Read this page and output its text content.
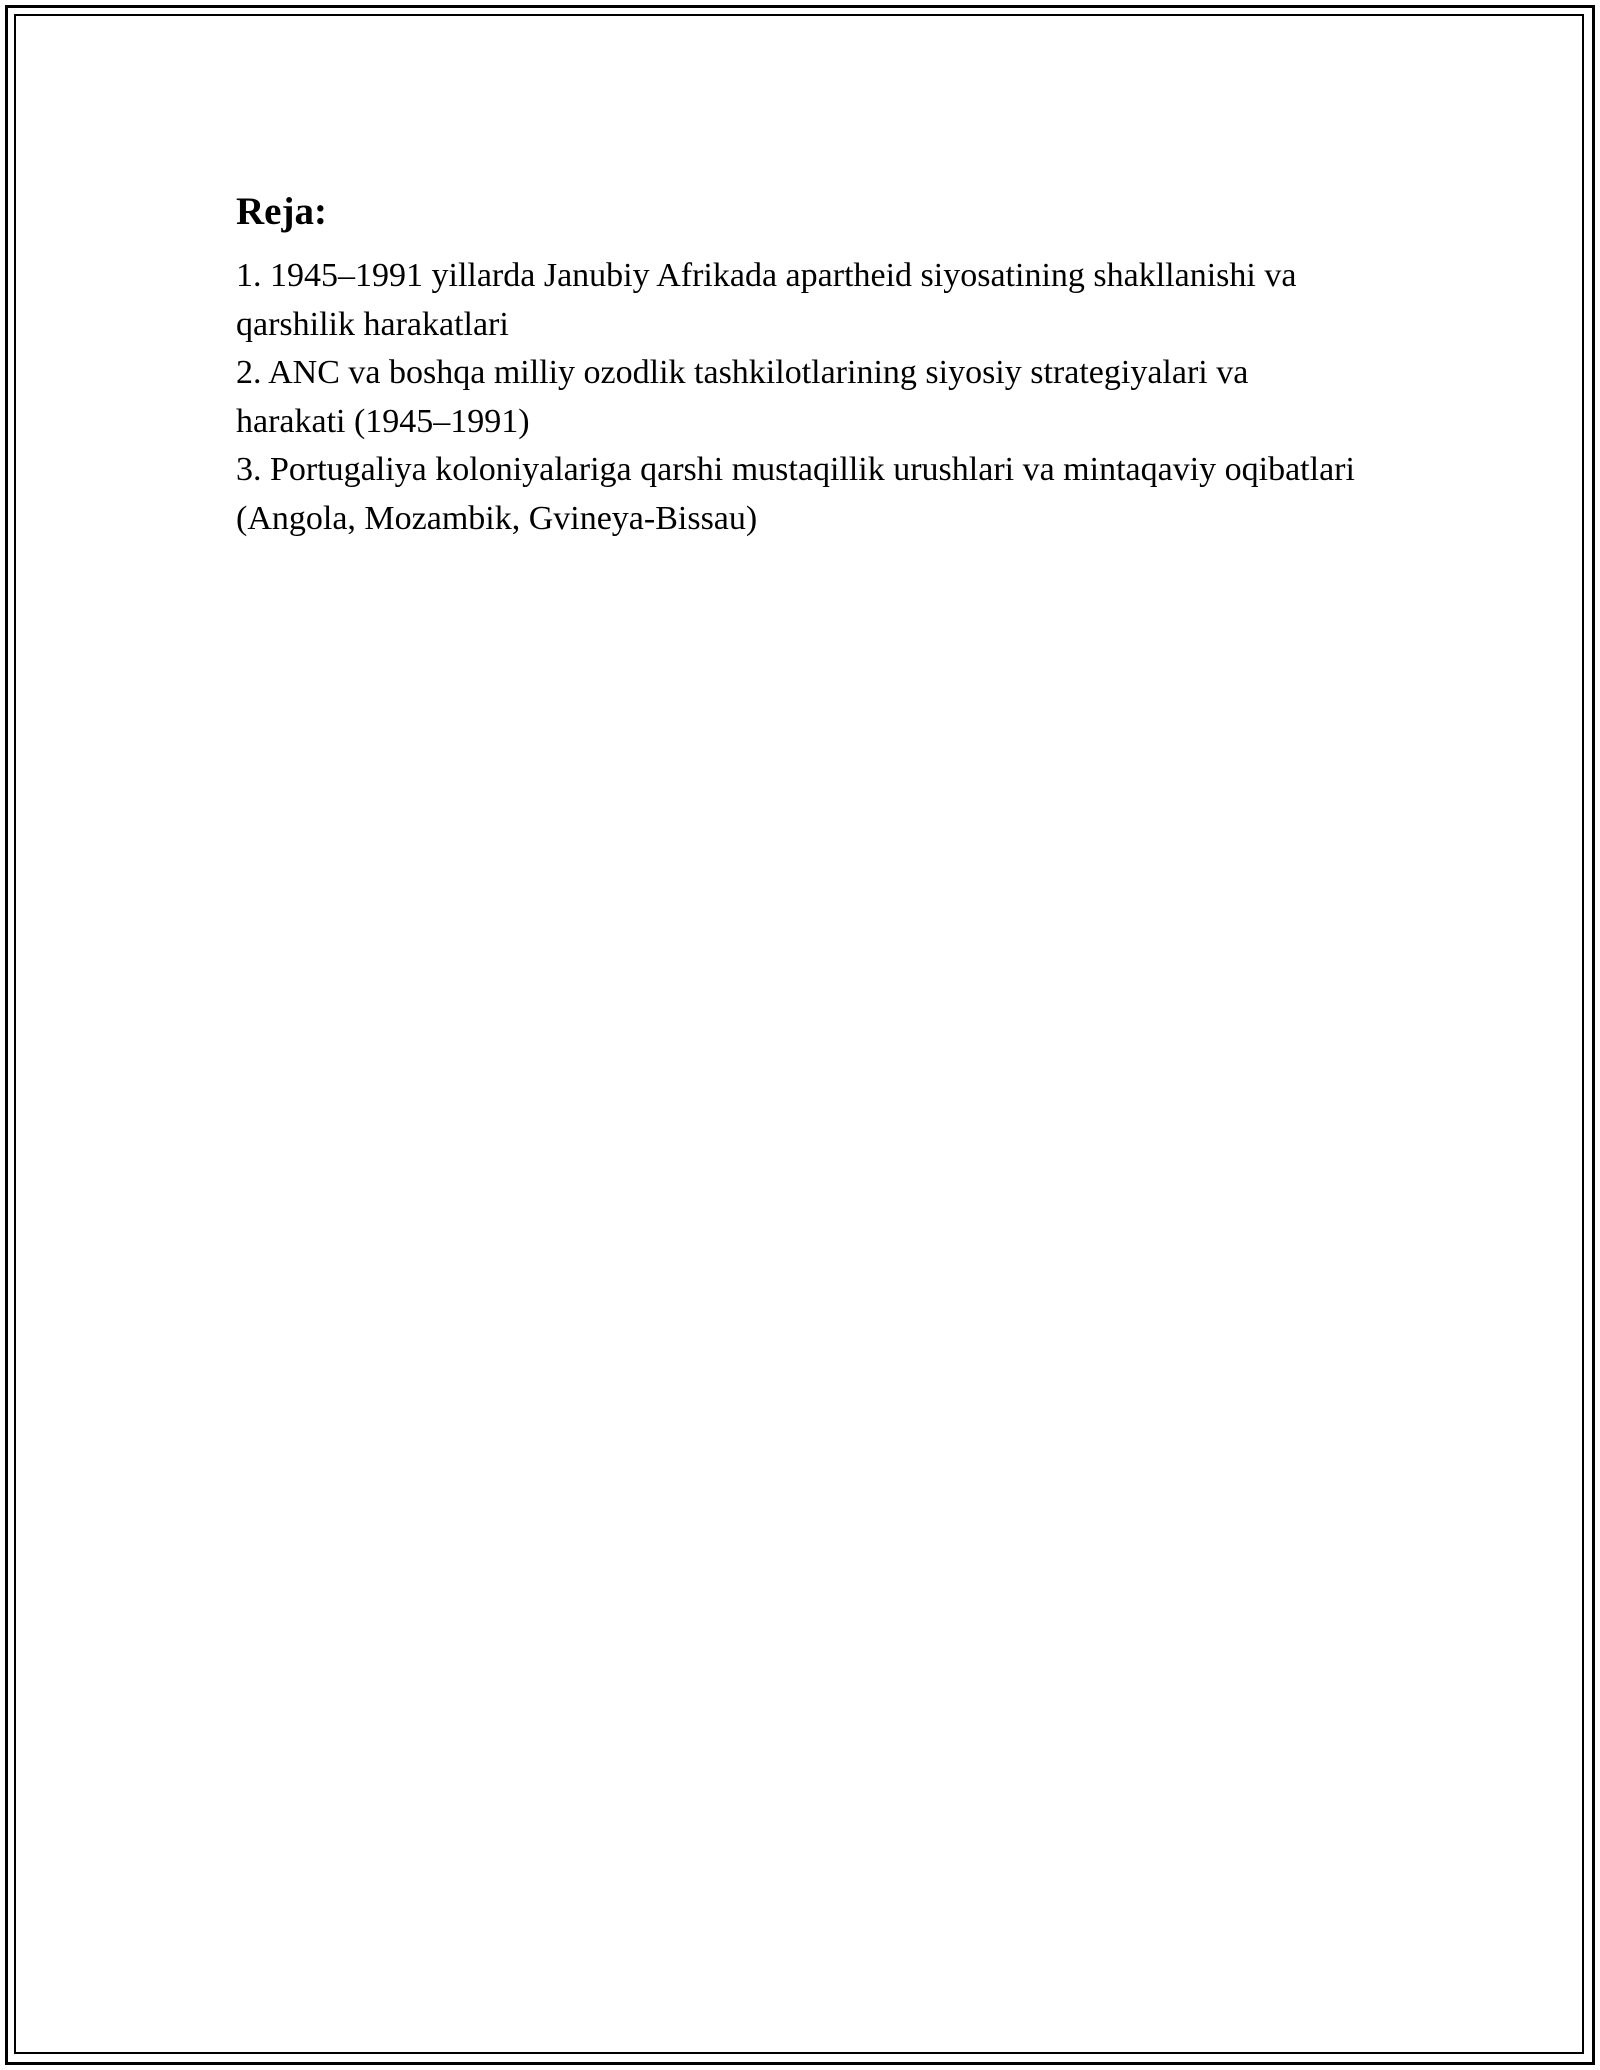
Reja:
1. 1945–1991 yillarda Janubiy Afrikada apartheid siyosatining shakllanishi va qarshilik harakatlari
2. ANC va boshqa milliy ozodlik tashkilotlarining siyosiy strategiyalari va harakati (1945–1991)
3. Portugaliya koloniyalariga qarshi mustaqillik urushlari va mintaqaviy oqibatlari (Angola, Mozambik, Gvineya-Bissau)
